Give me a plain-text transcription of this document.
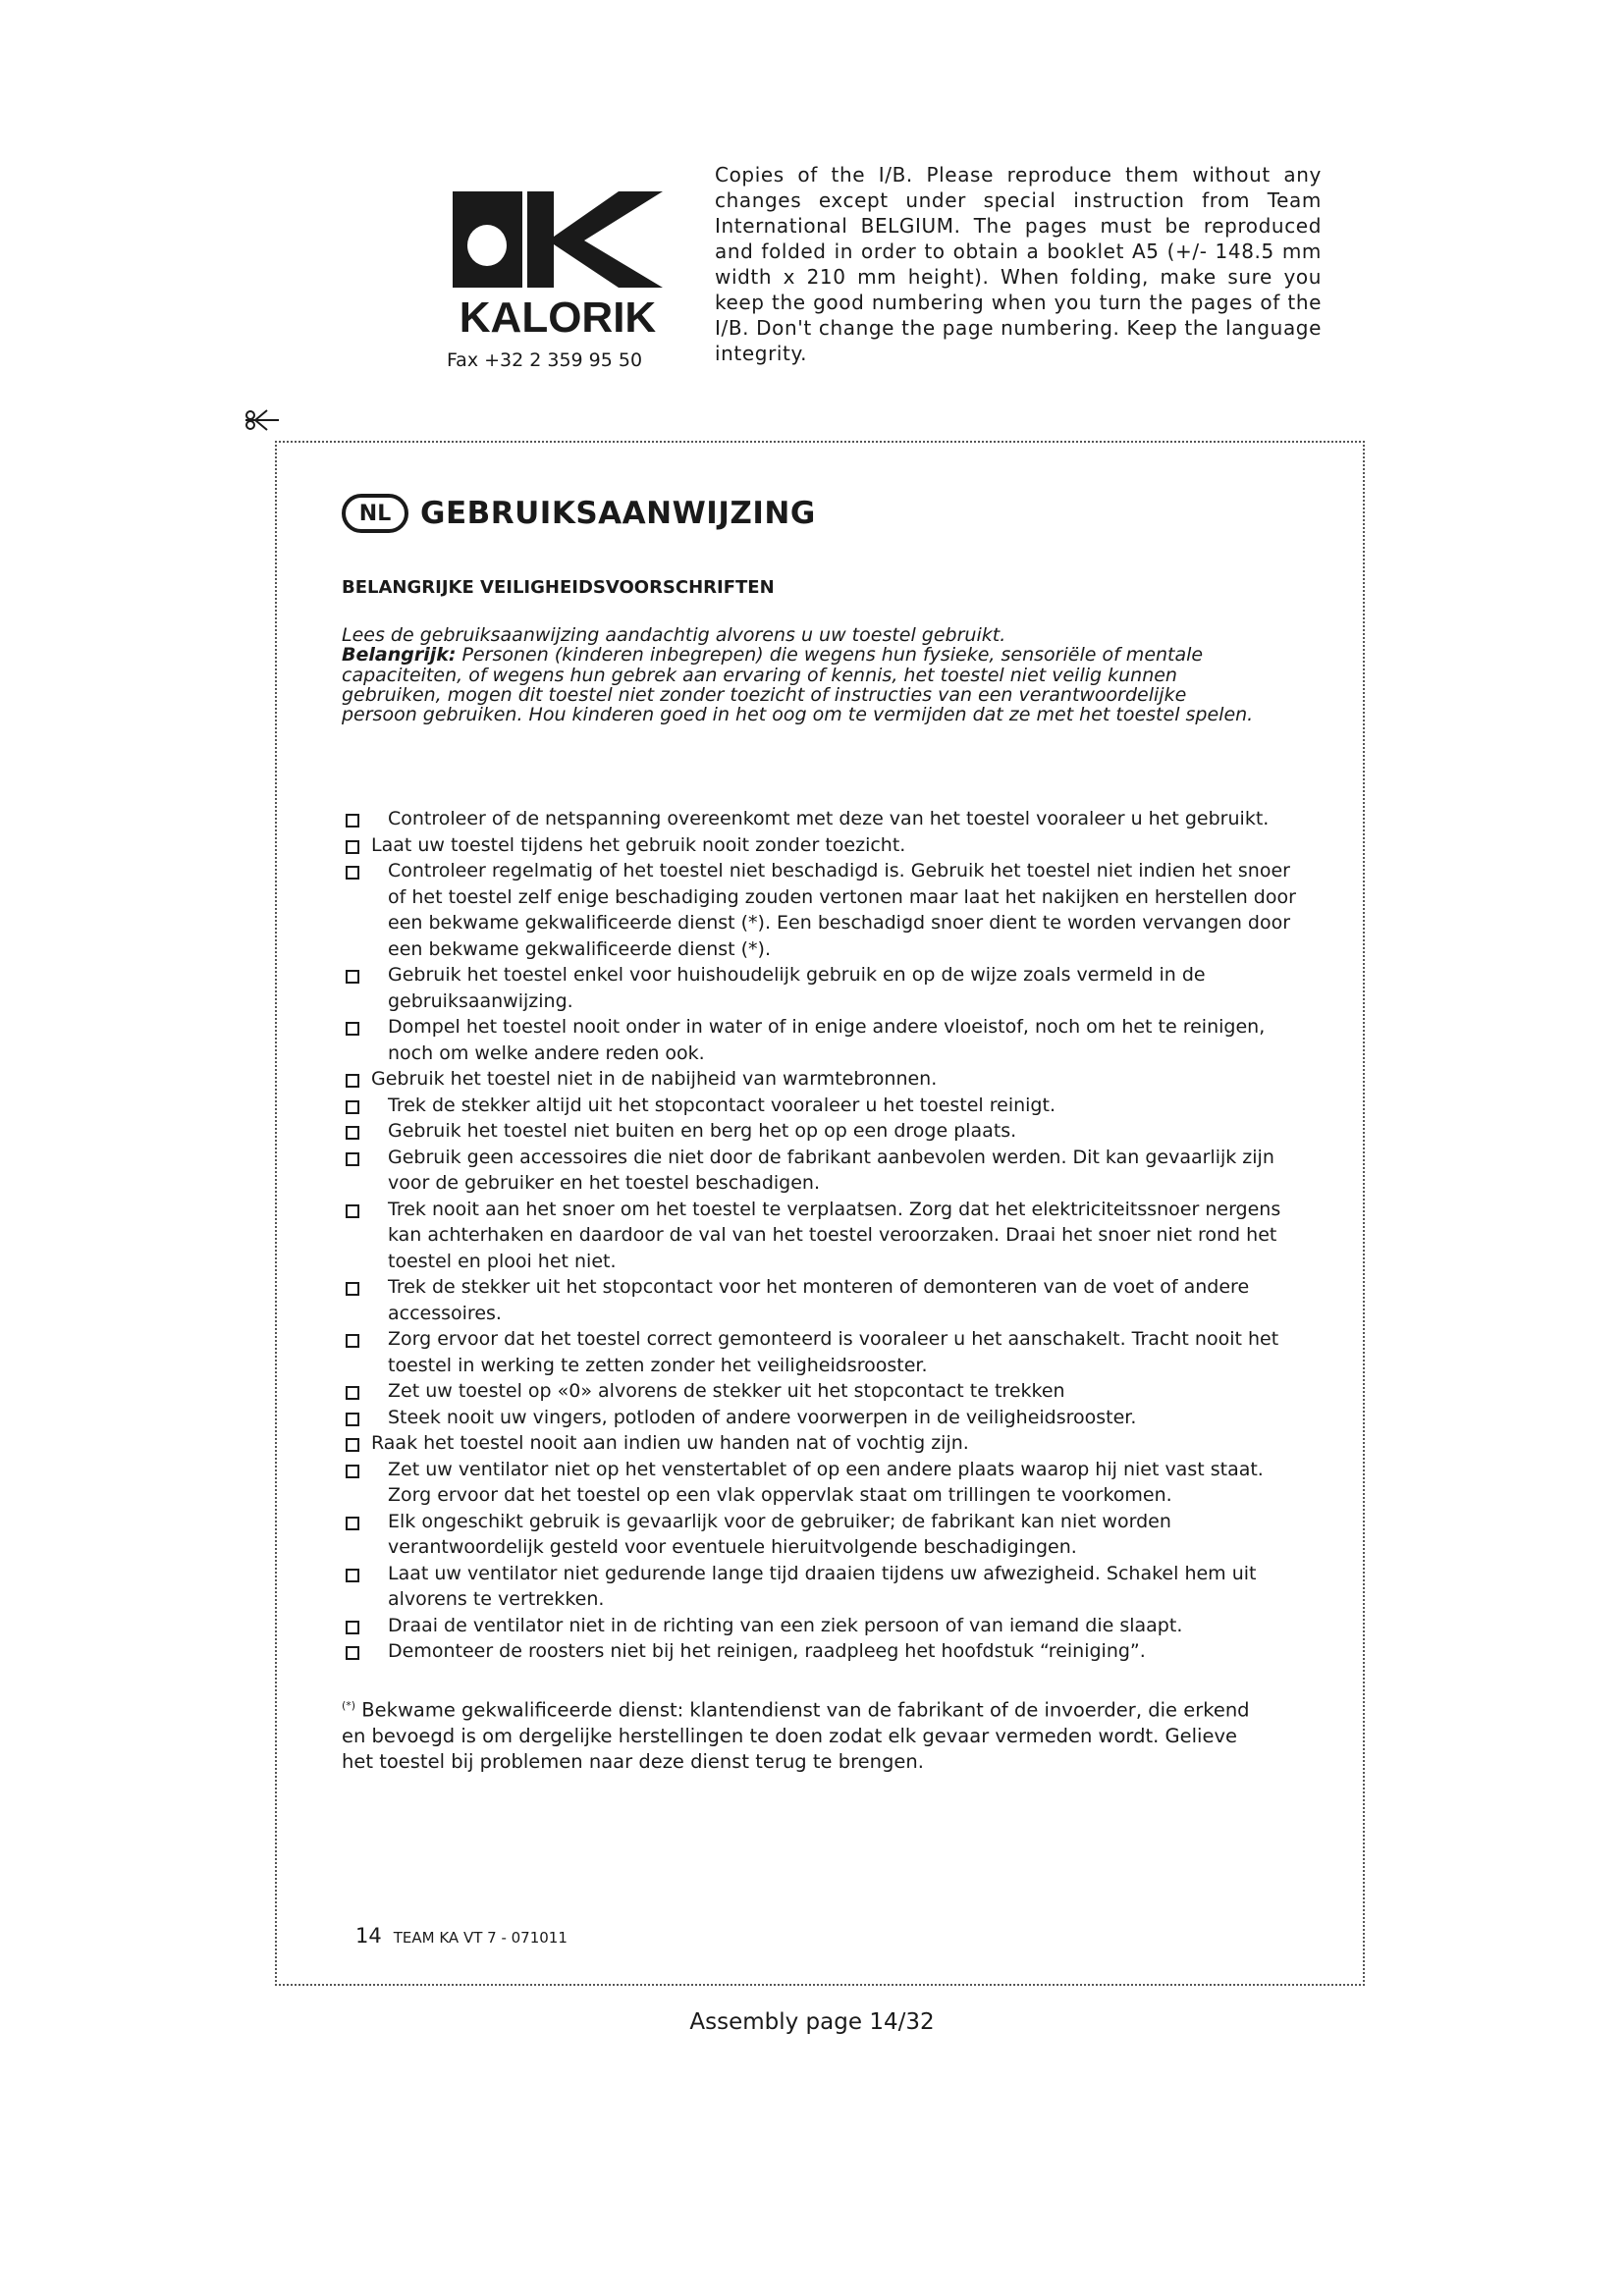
KALORIK
Fax +32 2 359 95 50
Copies of the I/B. Please reproduce them without any changes except under special instruction from Team International BELGIUM. The pages must be reproduced and folded in order to obtain a booklet A5 (+/- 148.5 mm width x 210 mm height). When folding, make sure you keep the good numbering when you turn the pages of the I/B. Don't change the page numbering. Keep the language integrity.
NL GEBRUIKSAANWIJZING
BELANGRIJKE VEILIGHEIDSVOORSCHRIFTEN
Lees de gebruiksaanwijzing aandachtig alvorens u uw toestel gebruikt.
Belangrijk: Personen (kinderen inbegrepen) die wegens hun fysieke, sensoriële of mentale capaciteiten, of wegens hun gebrek aan ervaring of kennis, het toestel niet veilig kunnen gebruiken, mogen dit toestel niet zonder toezicht of instructies van een verantwoordelijke persoon gebruiken. Hou kinderen goed in het oog om te vermijden dat ze met het toestel spelen.
Controleer of de netspanning overeenkomt met deze van het toestel vooraleer u het gebruikt.
Laat uw toestel tijdens het gebruik nooit zonder toezicht.
Controleer regelmatig of het toestel niet beschadigd is. Gebruik het toestel niet indien het snoer of het toestel zelf enige beschadiging zouden vertonen maar laat het nakijken en herstellen door een bekwame gekwalificeerde dienst (*). Een beschadigd snoer dient te worden vervangen door een bekwame gekwalificeerde dienst (*).
Gebruik het toestel enkel voor huishoudelijk gebruik en op de wijze zoals vermeld in de gebruiksaanwijzing.
Dompel het toestel nooit onder in water of in enige andere vloeistof, noch om het te reinigen, noch om welke andere reden ook.
Gebruik het toestel niet in de nabijheid van warmtebronnen.
Trek de stekker altijd uit het stopcontact vooraleer u het toestel reinigt.
Gebruik het toestel niet buiten en berg het op op een droge plaats.
Gebruik geen accessoires die niet door de fabrikant aanbevolen werden. Dit kan gevaarlijk zijn voor de gebruiker en het toestel beschadigen.
Trek nooit aan het snoer om het toestel te verplaatsen. Zorg dat het elektriciteitssnoer nergens kan achterhaken en daardoor de val van het toestel veroorzaken. Draai het snoer niet rond het toestel en plooi het niet.
Trek de stekker uit het stopcontact voor het monteren of demonteren van de voet of andere accessoires.
Zorg ervoor dat het toestel correct gemonteerd is vooraleer u het aanschakelt. Tracht nooit het toestel in werking te zetten zonder het veiligheidsrooster.
Zet uw toestel op «0» alvorens de stekker uit het stopcontact te trekken
Steek nooit uw vingers, potloden of andere voorwerpen in de veiligheidsrooster.
Raak het toestel nooit aan indien uw handen nat of vochtig zijn.
Zet uw ventilator niet op het venstertablet of op een andere plaats waarop hij niet vast staat. Zorg ervoor dat het toestel op een vlak oppervlak staat om trillingen te voorkomen.
Elk ongeschikt gebruik is gevaarlijk voor de gebruiker; de fabrikant kan niet worden verantwoordelijk gesteld voor eventuele hieruitvolgende beschadigingen.
Laat uw ventilator niet gedurende lange tijd draaien tijdens uw afwezigheid. Schakel hem uit alvorens te vertrekken.
Draai de ventilator niet in de richting van een ziek persoon of van iemand die slaapt.
Demonteer de roosters niet bij het reinigen, raadpleeg het hoofdstuk “reiniging”.
(*) Bekwame gekwalificeerde dienst: klantendienst van de fabrikant of de invoerder, die erkend en bevoegd is om dergelijke herstellingen te doen zodat elk gevaar vermeden wordt. Gelieve het toestel bij problemen naar deze dienst terug te brengen.
14 TEAM KA VT 7 - 071011
Assembly page 14/32
